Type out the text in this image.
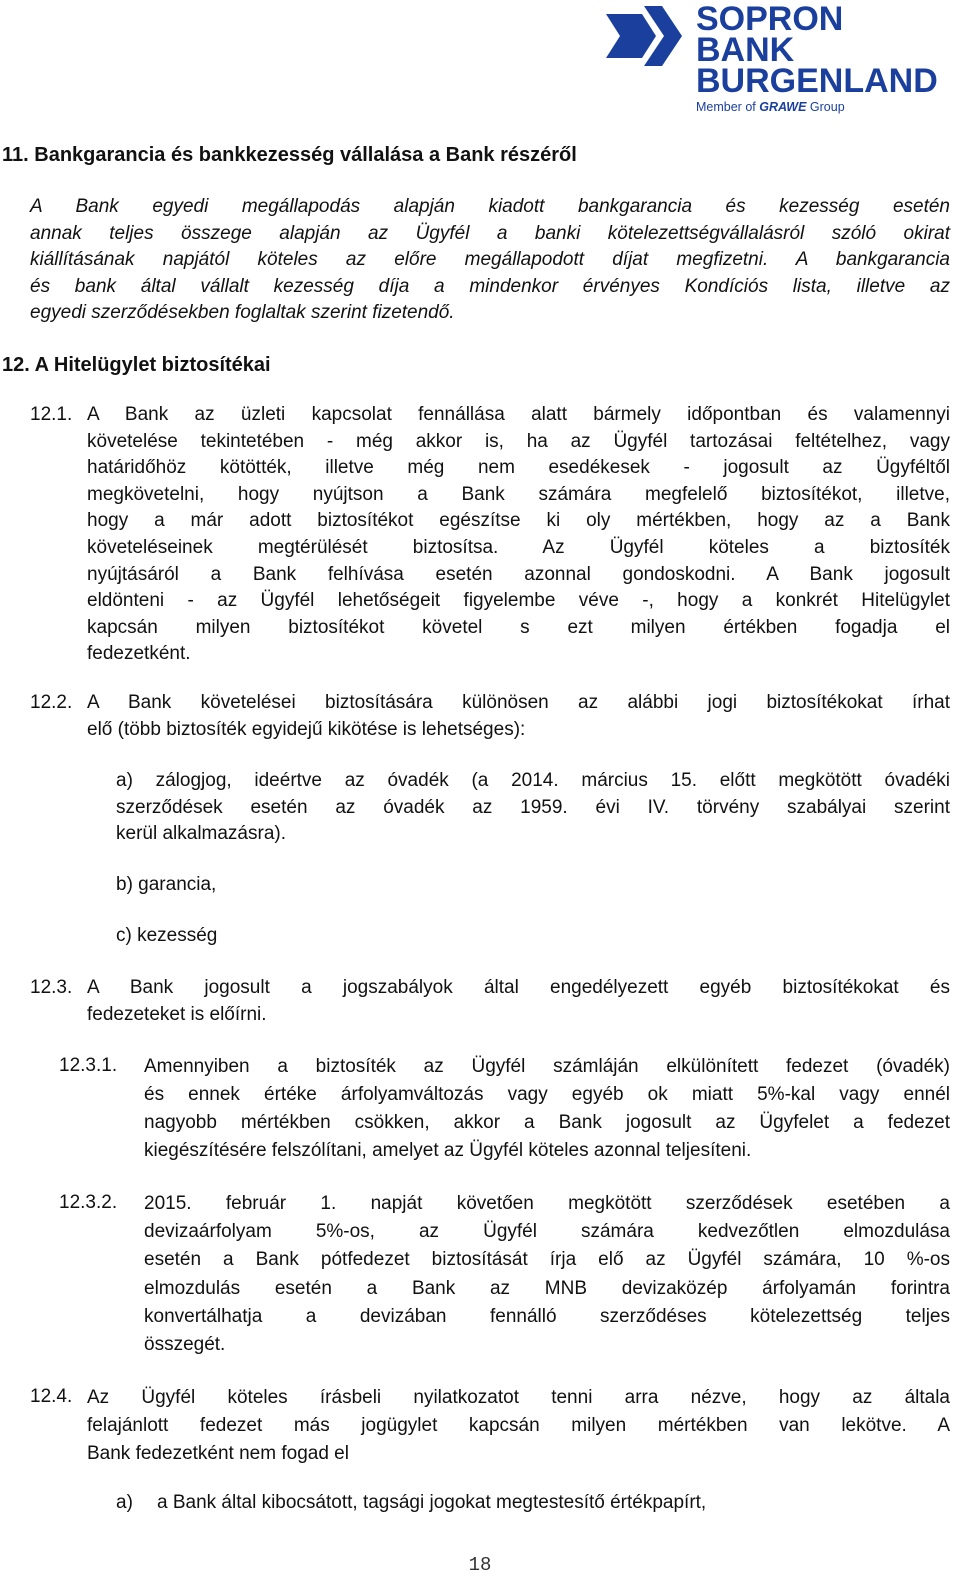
SOPRON
BANK
BURGENLAND
Member of GRAWE Group
11. Bankgarancia és bankkezesség vállalása a Bank részéről
A Bank egyedi megállapodás alapján kiadott bankgarancia és kezesség esetén
annak teljes összege alapján az Ügyfél a banki kötelezettségvállalásról szóló okirat
kiállításának napjától köteles az előre megállapodott díjat megfizetni. A bankgarancia
és bank által vállalt kezesség díja a mindenkor érvényes Kondíciós lista, illetve az
egyedi szerződésekben foglaltak szerint fizetendő.
12. A Hitelügylet biztosítékai
12.1. A Bank az üzleti kapcsolat fennállása alatt bármely időpontban és valamennyi
követelése tekintetében - még akkor is, ha az Ügyfél tartozásai feltételhez, vagy
határidőhöz kötötték, illetve még nem esedékesek - jogosult az Ügyféltől
megkövetelni, hogy nyújtson a Bank számára megfelelő biztosítékot, illetve,
hogy a már adott biztosítékot egészítse ki oly mértékben, hogy az a Bank
követeléseinek megtérülését biztosítsa. Az Ügyfél köteles a biztosíték
nyújtásáról a Bank felhívása esetén azonnal gondoskodni. A Bank jogosult
eldönteni - az Ügyfél lehetőségeit figyelembe véve -, hogy a konkrét Hitelügylet
kapcsán milyen biztosítékot követel s ezt milyen értékben fogadja el
fedezetként.
12.2. A Bank követelései biztosítására különösen az alábbi jogi biztosítékokat írhat
elő (több biztosíték egyidejű kikötése is lehetséges):
a) zálogjog, ideértve az óvadék (a 2014. március 15. előtt megkötött óvadéki
szerződések esetén az óvadék az 1959. évi IV. törvény szabályai szerint
kerül alkalmazásra).
b) garancia,
c) kezesség
12.3. A Bank jogosult a jogszabályok által engedélyezett egyéb biztosítékokat és
fedezeteket is előírni.
12.3.1. Amennyiben a biztosíték az Ügyfél számláján elkülönített fedezet (óvadék)
és ennek értéke árfolyamváltozás vagy egyéb ok miatt 5%-kal vagy ennél
nagyobb mértékben csökken, akkor a Bank jogosult az Ügyfelet a fedezet
kiegészítésére felszólítani, amelyet az Ügyfél köteles azonnal teljesíteni.
12.3.2. 2015. február 1. napját követően megkötött szerződések esetében a
devizaárfolyam 5%-os, az Ügyfél számára kedvezőtlen elmozdulása
esetén a Bank pótfedezet biztosítását írja elő az Ügyfél számára, 10 %-os
elmozdulás esetén a Bank az MNB devizaközép árfolyamán forintra
konvertálhatja a devizában fennálló szerződéses kötelezettség teljes
összegét.
12.4. Az Ügyfél köteles írásbeli nyilatkozatot tenni arra nézve, hogy az általa
felajánlott fedezet más jogügylet kapcsán milyen mértékben van lekötve. A
Bank fedezetként nem fogad el
a) a Bank által kibocsátott, tagsági jogokat megtestesítő értékpapírt,
18
